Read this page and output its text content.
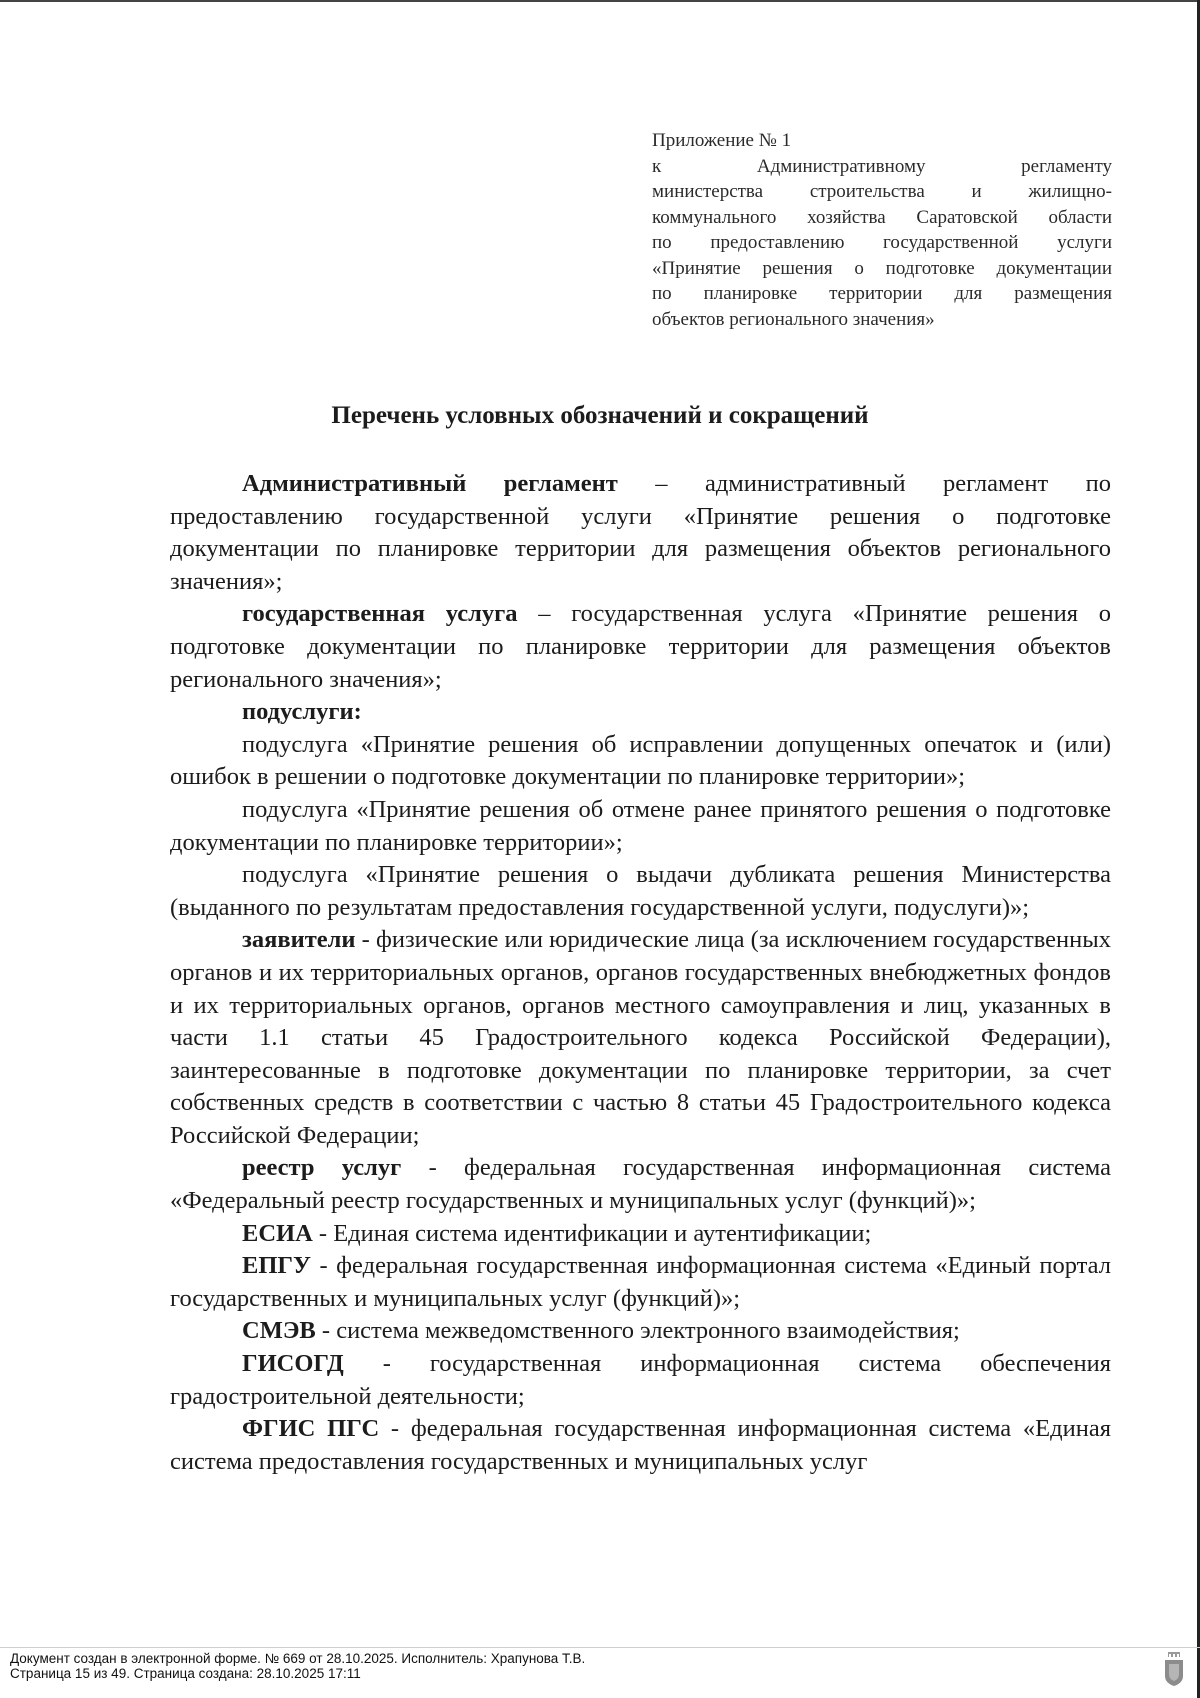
Приложение № 1
к Административному регламенту
министерства строительства и жилищно-
коммунального хозяйства Саратовской области
по предоставлению государственной услуги
«Принятие решения о подготовке документации
по планировке территории для размещения
объектов регионального значения»
Перечень условных обозначений и сокращений

Административный регламент – административный регламент по предоставлению государственной услуги «Принятие решения о подготовке документации по планировке территории для размещения объектов регионального значения»;

государственная услуга – государственная услуга «Принятие решения о подготовке документации по планировке территории для размещения объектов регионального значения»;

подуслуги:

подуслуга «Принятие решения об исправлении допущенных опечаток и (или) ошибок в решении о подготовке документации по планировке территории»;

подуслуга «Принятие решения об отмене ранее принятого решения о подготовке документации по планировке территории»;

подуслуга «Принятие решения о выдачи дубликата решения Министерства (выданного по результатам предоставления государственной услуги, подуслуги)»;

заявители - физические или юридические лица (за исключением государственных органов и их территориальных органов, органов государственных внебюджетных фондов и их территориальных органов, органов местного самоуправления и лиц, указанных в части 1.1 статьи 45 Градостроительного кодекса Российской Федерации), заинтересованные в подготовке документации по планировке территории, за счет собственных средств в соответствии с частью 8 статьи 45 Градостроительного кодекса Российской Федерации;

реестр услуг - федеральная государственная информационная система «Федеральный реестр государственных и муниципальных услуг (функций)»;

ЕСИА - Единая система идентификации и аутентификации;

ЕПГУ - федеральная государственная информационная система «Единый портал государственных и муниципальных услуг (функций)»;

СМЭВ - система межведомственного электронного взаимодействия;

ГИСОГД - государственная информационная система обеспечения градостроительной деятельности;

ФГИС ПГС - федеральная государственная информационная система «Единая система предоставления государственных и муниципальных услуг

Документ создан в электронной форме. № 669 от 28.10.2025. Исполнитель: Храпунова Т.В.
Страница 15 из 49. Страница создана: 28.10.2025 17:11
